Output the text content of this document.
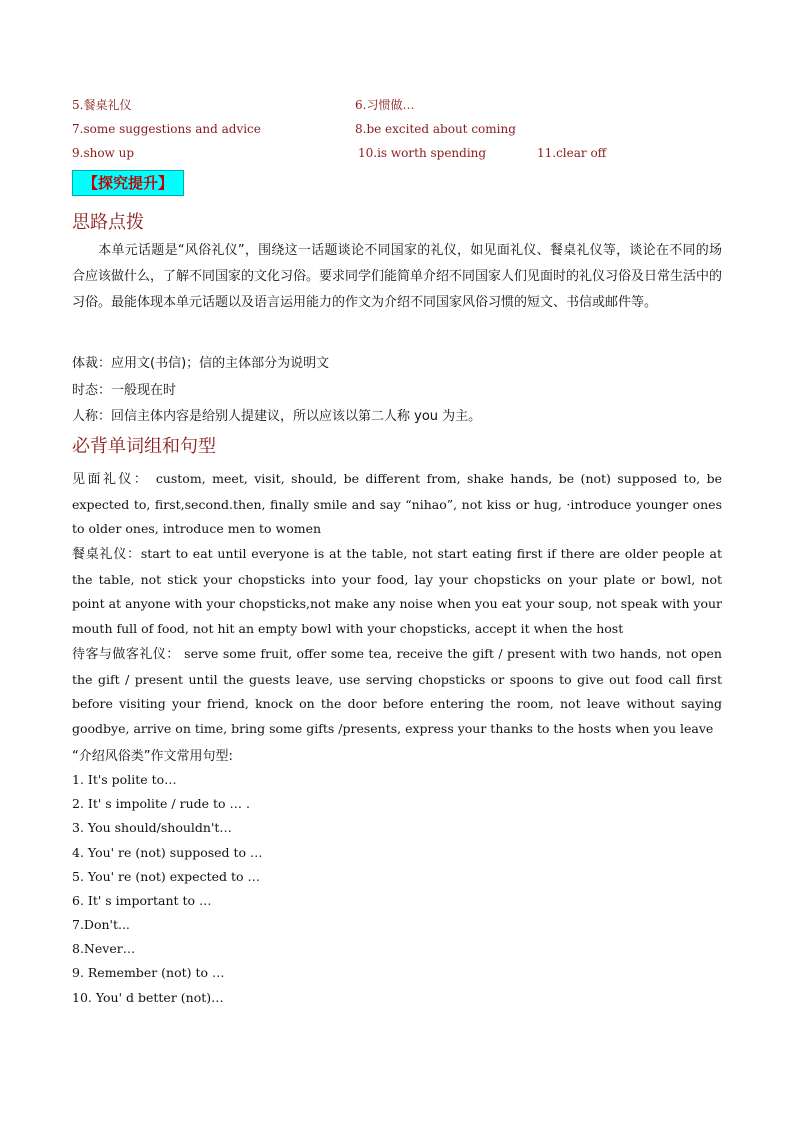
5.餐桌礼仪	6.习惯做…
7.some suggestions and advice	8.be excited about coming
9.show up	10.is worth spending	11.clear off
【探究提升】
思路点拨
本单元话题是“风俗礼仪”，围绕这一话题谈论不同国家的礼仪，如见面礼仪、餐桌礼仪等，谈论在不同的场合应该做什么，了解不同国家的文化习俗。要求同学们能简单介绍不同国家人们见面时的礼仪习俗及日常生活中的习俗。最能体现本单元话题以及语言运用能力的作文为介绍不同国家风俗习惯的短文、书信或邮件等。
体裁：应用文(书信)；信的主体部分为说明文
时态：一般现在时
人称：回信主体内容是给别人提建议，所以应该以第二人称 you 为主。
必背单词组和句型
见面礼仪： custom, meet, visit, should, be different from, shake hands, be (not) supposed to, be expected to, first,second.then, finally smile and say “nihao”, not kiss or hug, ·introduce younger ones to older ones, introduce men to women
餐桌礼仪：start to eat until everyone is at the table, not start eating first if there are older people at the table, not stick your chopsticks into your food, lay your chopsticks on your plate or bowl, not point at anyone with your chopsticks,not make any noise when you eat your soup, not speak with your mouth full of food, not hit an empty bowl with your chopsticks, accept it when the host
待客与做客礼仪： serve some fruit, offer some tea, receive the gift / present with two hands, not open the gift / present until the guests leave, use serving chopsticks or spoons to give out food call first before visiting your friend, knock on the door before entering the room, not leave without saying goodbye, arrive on time, bring some gifts /presents, express your thanks to the hosts when you leave
“介绍风俗类”作文常用句型:
1. It's polite to…
2. It' s impolite / rude to … .
3. You should/shouldn't…
4. You' re (not) supposed to …
5. You' re (not) expected to …
6. It' s important to …
7.Don't...
8.Never…
9. Remember (not) to …
10. You' d better (not)…
